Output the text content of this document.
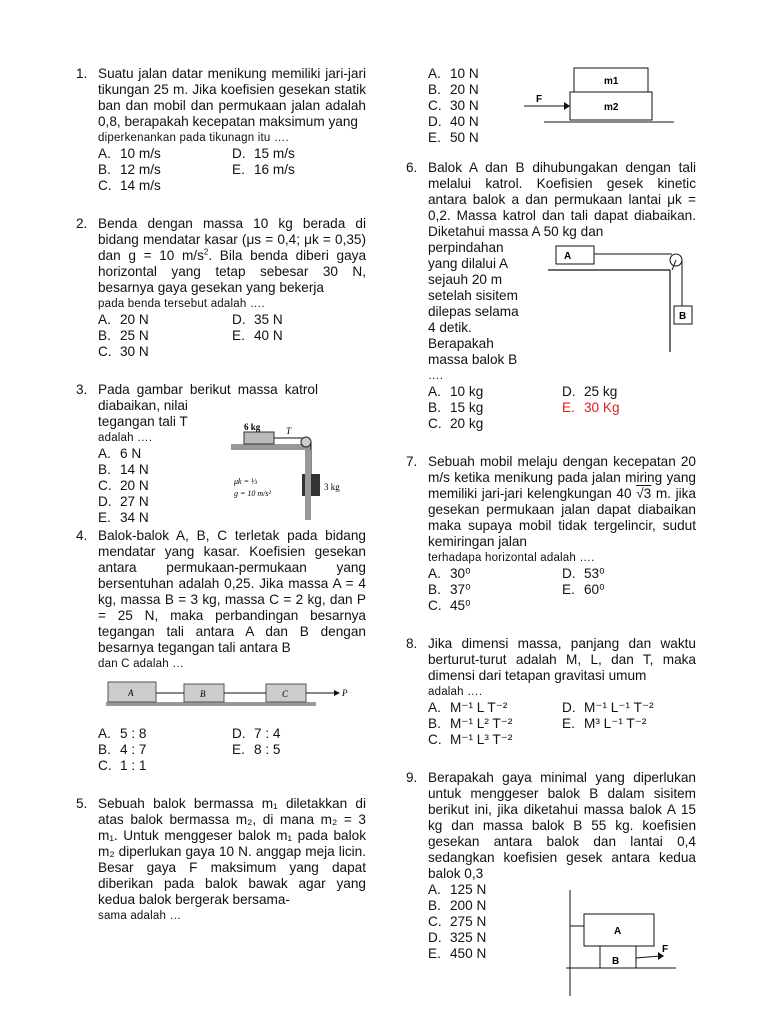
1. Suatu jalan datar menikung memiliki jari-jari tikungan 25 m. Jika koefisien gesekan statik ban dan mobil dan permukaan jalan adalah 0,8, berapakah kecepatan maksimum yang
diperkenankan pada tikunagn itu ….
A. 10 m/s	D. 15 m/s
B. 12 m/s	E. 16 m/s
C. 14 m/s
2. Benda dengan massa 10 kg berada di bidang mendatar kasar (μs = 0,4; μk = 0,35) dan g = 10 $m/s^2$. Bila benda diberi gaya horizontal yang tetap sebesar 30 N, besarnya gaya gesekan yang bekerja
pada benda tersebut adalah ….
A. 20 N	D. 35 N
B. 25 N	E. 40 N
C. 30 N
3. Pada gambar berikut massa katrol diabaikan, nilai
tegangan tali T
adalah ….
A. 6 N
B. 14 N
C. 20 N
D. 27 N
E. 34 N
6 kg	T
μk = ⅓
g = 10 m/s²
3 kg
4. Balok-balok A, B, C terletak pada bidang mendatar yang kasar. Koefisien gesekan antara permukaan-permukaan yang bersentuhan adalah 0,25. Jika massa A = 4 kg, massa B = 3 kg, massa C = 2 kg, dan P = 25 N, maka perbandingan besarnya tegangan tali antara A dan B dengan besarnya tegangan tali antara B
dan C adalah …
A	B	C	P
A. 5 : 8	D. 7 : 4
B. 4 : 7	E. 8 : 5
C. 1 : 1
5. Sebuah balok bermassa m₁ diletakkan di atas balok bermassa m₂, di mana m₂ = 3 m₁. Untuk menggeser balok m₁ pada balok m₂ diperlukan gaya 10 N. anggap meja licin. Besar gaya F maksimum yang dapat diberikan pada balok bawak agar yang kedua balok bergerak bersama-
sama adalah …
A. 10 N
B. 20 N
C. 30 N
D. 40 N
E. 50 N
m1
m2
F
6. Balok A dan B dihubungakan dengan tali melalui katrol. Koefisien gesek kinetic antara balok a dan permukaan lantai μk = 0,2. Massa katrol dan tali dapat diabaikan. Diketahui massa A 50 kg dan
perpindahan
yang dilalui A
sejauh 20 m
setelah sisitem
dilepas selama
4 detik.
Berapakah
massa balok B
….
A
B
A. 10 kg	D. 25 kg
B. 15 kg	E. 30 Kg
C. 20 kg
7. Sebuah mobil melaju dengan kecepatan 20 m/s ketika menikung pada jalan miring yang memiliki jari-jari kelengkungan 40 √3 m. jika gesekan permukaan jalan dapat diabaikan maka supaya mobil tidak tergelincir, sudut kemiringan jalan
terhadapa horizontal adalah ….
A. 30⁰	D. 53⁰
B. 37⁰	E. 60⁰
C. 45⁰
8. Jika dimensi massa, panjang dan waktu berturut-turut adalah M, L, dan T, maka dimensi dari tetapan gravitasi umum
adalah ….
A. M⁻¹ L T⁻²	D. M⁻¹ L⁻¹ T⁻²
B. M⁻¹ L² T⁻²	E. M³ L⁻¹ T⁻²
C. M⁻¹ L³ T⁻²
9. Berapakah gaya minimal yang diperlukan untuk menggeser balok B dalam sisitem berikut ini, jika diketahui massa balok A 15 kg dan massa balok B 55 kg. koefisien gesekan antara balok dan lantai 0,4 sedangkan koefisien gesek antara kedua balok 0,3
A. 125 N
B. 200 N
C. 275 N
D. 325 N
E. 450 N
A
B
F
